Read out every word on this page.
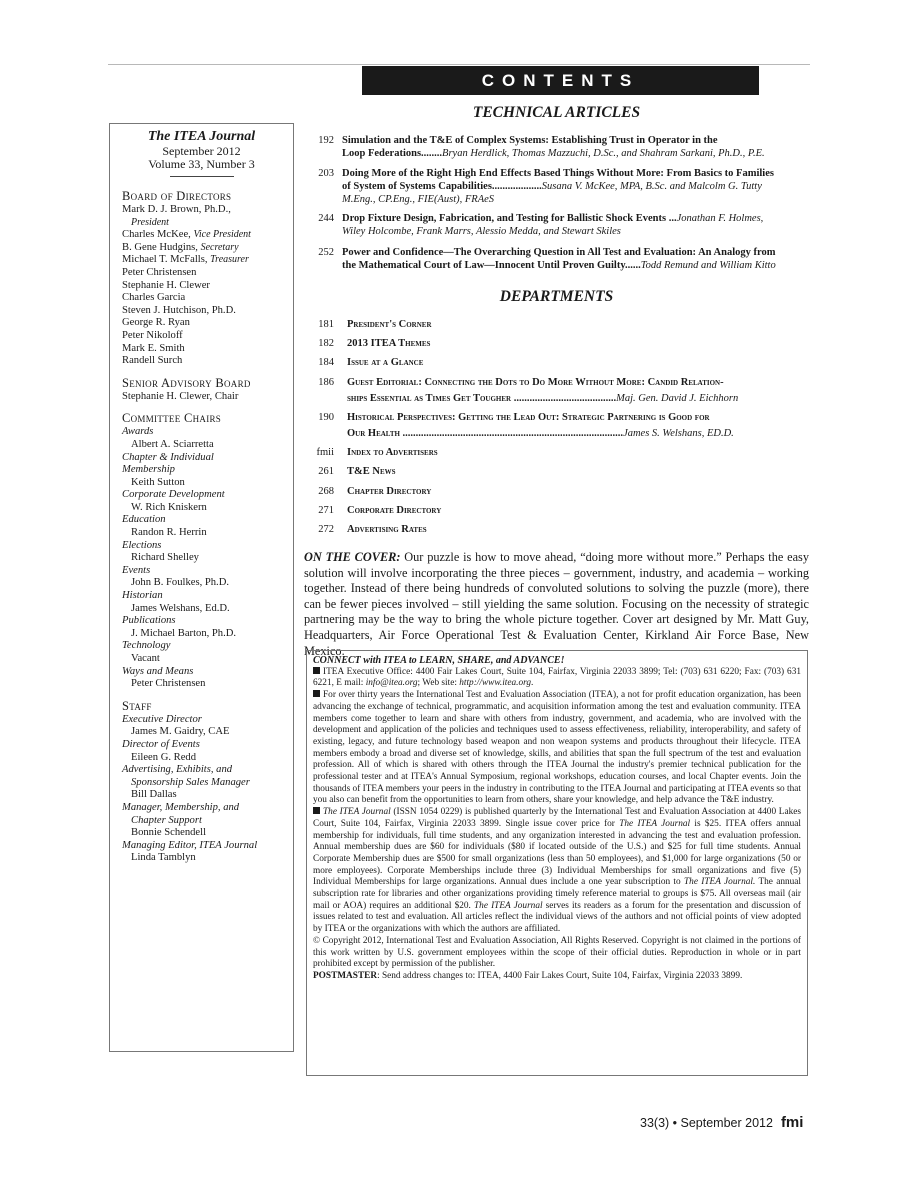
CONTENTS
The ITEA Journal
September 2012
Volume 33, Number 3
Board of Directors
Mark D. J. Brown, Ph.D.,
President
Charles McKee, Vice President
B. Gene Hudgins, Secretary
Michael T. McFalls, Treasurer
Peter Christensen
Stephanie H. Clewer
Charles Garcia
Steven J. Hutchison, Ph.D.
George R. Ryan
Peter Nikoloff
Mark E. Smith
Randell Surch
Senior Advisory Board
Stephanie H. Clewer, Chair
Committee Chairs
Awards
Albert A. Sciarretta
Chapter & Individual
Membership
Keith Sutton
Corporate Development
W. Rich Kniskern
Education
Randon R. Herrin
Elections
Richard Shelley
Events
John B. Foulkes, Ph.D.
Historian
James Welshans, Ed.D.
Publications
J. Michael Barton, Ph.D.
Technology
Vacant
Ways and Means
Peter Christensen
Staff
Executive Director
James M. Gaidry, CAE
Director of Events
Eileen G. Redd
Advertising, Exhibits, and
Sponsorship Sales Manager
Bill Dallas
Manager, Membership, and
Chapter Support
Bonnie Schendell
Managing Editor, ITEA Journal
Linda Tamblyn
TECHNICAL ARTICLES
192 Simulation and the T&E of Complex Systems: Establishing Trust in Operator in the
Loop Federations........Bryan Herdlick, Thomas Mazzuchi, D.Sc., and Shahram Sarkani, Ph.D., P.E.
203 Doing More of the Right High End Effects Based Things Without More: From Basics to Families
of System of Systems Capabilities...................Susana V. McKee, MPA, B.Sc. and Malcolm G. Tutty
M.Eng., CP.Eng., FIE(Aust), FRAeS
244 Drop Fixture Design, Fabrication, and Testing for Ballistic Shock Events ...Jonathan F. Holmes,
Wiley Holcombe, Frank Marrs, Alessio Medda, and Stewart Skiles
252 Power and Confidence—The Overarching Question in All Test and Evaluation: An Analogy from
the Mathematical Court of Law—Innocent Until Proven Guilty......Todd Remund and William Kitto
DEPARTMENTS
181 President's Corner
182 2013 ITEA Themes
184 Issue at a Glance
186 Guest Editorial: Connecting the Dots to Do More Without More: Candid Relation-
ships Essential as Times Get Tougher .......................................Maj. Gen. David J. Eichhorn
190 Historical Perspectives: Getting the Lead Out: Strategic Partnering is Good for
Our Health ....................................................................................James S. Welshans, ED.D.
fmii Index to Advertisers
261 T&E News
268 Chapter Directory
271 Corporate Directory
272 Advertising Rates
ON THE COVER: Our puzzle is how to move ahead, “doing more without more.” Perhaps the easy solution will involve incorporating the three pieces – government, industry, and academia – working together. Instead of there being hundreds of convoluted solutions to solving the puzzle (more), there can be fewer pieces involved – still yielding the same solution. Focusing on the necessity of strategic partnering may be the way to bring the whole picture together. Cover art designed by Mr. Matt Guy, Headquarters, Air Force Operational Test & Evaluation Center, Kirkland Air Force Base, New Mexico.

CONNECT with ITEA to LEARN, SHARE, and ADVANCE!

ITEA Executive Office: 4400 Fair Lakes Court, Suite 104, Fairfax, Virginia 22033 3899; Tel: (703) 631 6220; Fax: (703) 631 6221, E mail: info@itea.org; Web site: http://www.itea.org.

For over thirty years the International Test and Evaluation Association (ITEA), a not for profit education organization, has been advancing the exchange of technical, programmatic, and acquisition information among the test and evaluation community. ITEA members come together to learn and share with others from industry, government, and academia, who are involved with the development and application of the policies and techniques used to assess effectiveness, reliability, interoperability, and safety of existing, legacy, and future technology based weapon and non weapon systems and products throughout their lifecycle. ITEA members embody a broad and diverse set of knowledge, skills, and abilities that span the full spectrum of the test and evaluation profession. All of which is shared with others through the ITEA Journal the industry's premier technical publication for the professional tester and at ITEA's Annual Symposium, regional workshops, education courses, and local Chapter events. Join the thousands of ITEA members your peers in the industry in contributing to the ITEA Journal and participating at ITEA events so that you also can benefit from the opportunities to learn from others, share your knowledge, and help advance the T&E industry.

The ITEA Journal (ISSN 1054 0229) is published quarterly by the International Test and Evaluation Association at 4400 Lakes Court, Suite 104, Fairfax, Virginia 22033 3899. Single issue cover price for The ITEA Journal is $25. ITEA offers annual membership for individuals, full time students, and any organization interested in advancing the test and evaluation profession. Annual membership dues are $60 for individuals ($80 if located outside of the U.S.) and $25 for full time students. Annual Corporate Membership dues are $500 for small organizations (less than 50 employees), and $1,000 for large organizations (50 or more employees). Corporate Memberships include three (3) Individual Memberships for small organizations and five (5) Individual Memberships for large organizations. Annual dues include a one year subscription to The ITEA Journal. The annual subscription rate for libraries and other organizations providing timely reference material to groups is $75. All overseas mail (air mail or AOA) requires an additional $20. The ITEA Journal serves its readers as a forum for the presentation and discussion of issues related to test and evaluation. All articles reflect the individual views of the authors and not official points of view adopted by ITEA or the organizations with which the authors are affiliated.

© Copyright 2012, International Test and Evaluation Association, All Rights Reserved. Copyright is not claimed in the portions of this work written by U.S. government employees within the scope of their official duties. Reproduction in whole or in part prohibited except by permission of the publisher.

POSTMASTER: Send address changes to: ITEA, 4400 Fair Lakes Court, Suite 104, Fairfax, Virginia 22033 3899.

33(3) • September 2012 fmi
